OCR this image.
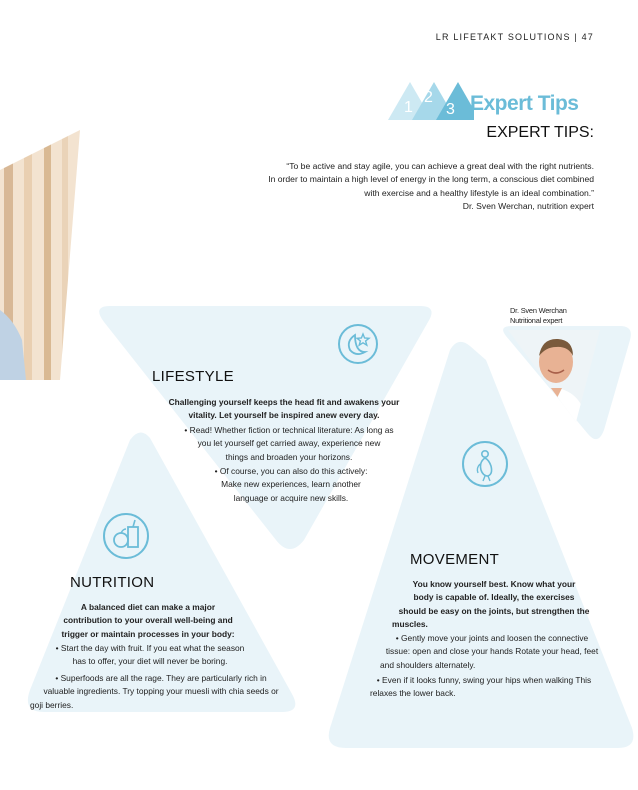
LR LIFETAKT SOLUTIONS | 47
1
2
3 Expert Tips
EXPERT TIPS:
“To be active and stay agile, you can achieve a great deal with the right nutrients.
In order to maintain a high level of energy in the long term, a conscious diet combined
with exercise and a healthy lifestyle is an ideal combination.”
Dr. Sven Werchan, nutrition expert
Dr. Sven Werchan
Nutritional expert
LIFESTYLE
Challenging yourself keeps the head fit and awakens your
vitality. Let yourself be inspired anew every day.
• Read! Whether fiction or technical literature: As long as
you let yourself get carried away, experience new
things and broaden your horizons.
• Of course, you can also do this actively:
Make new experiences, learn another
language or acquire new skills.
NUTRITION
A balanced diet can make a major
contribution to your overall well-being and
trigger or maintain processes in your body:
• Start the day with fruit. If you eat what the season
has to offer, your diet will never be boring.
• Superfoods are all the rage. They are particularly rich in
valuable ingredients. Try topping your muesli with chia seeds or
goji berries.
MOVEMENT
You know yourself best. Know what your
body is capable of. Ideally, the exercises
should be easy on the joints, but strengthen the
muscles.
• Gently move your joints and loosen the connective
tissue: open and close your hands Rotate your head, feet
and shoulders alternately.
• Even if it looks funny, swing your hips when walking This
relaxes the lower back.
